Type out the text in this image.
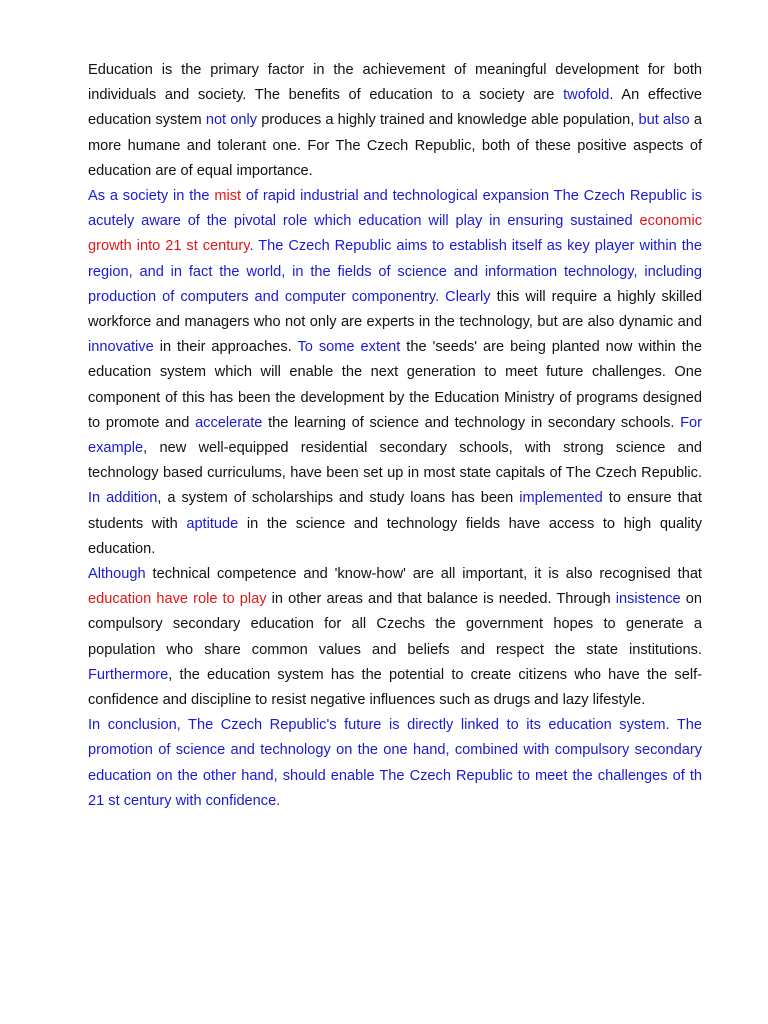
Education is the primary factor in the achievement of meaningful development for both individuals and society. The benefits of education to a society are twofold. An effective education system not only produces a highly trained and knowledge able population, but also a more humane and tolerant one. For The Czech Republic, both of these positive aspects of education are of equal importance.

As a society in the mist of rapid industrial and technological expansion The Czech Republic is acutely aware of the pivotal role which education will play in ensuring sustained economic growth into 21 st century. The Czech Republic aims to establish itself as key player within the region, and in fact the world, in the fields of science and information technology, including production of computers and computer componentry. Clearly this will require a highly skilled workforce and managers who not only are experts in the technology, but are also dynamic and innovative in their approaches. To some extent the 'seeds' are being planted now within the education system which will enable the next generation to meet future challenges. One component of this has been the development by the Education Ministry of programs designed to promote and accelerate the learning of science and technology in secondary schools. For example, new well-equipped residential secondary schools, with strong science and technology based curriculums, have been set up in most state capitals of The Czech Republic. In addition, a system of scholarships and study loans has been implemented to ensure that students with aptitude in the science and technology fields have access to high quality education.

Although technical competence and 'know-how' are all important, it is also recognised that education have role to play in other areas and that balance is needed. Through insistence on compulsory secondary education for all Czechs the government hopes to generate a population who share common values and beliefs and respect the state institutions. Furthermore, the education system has the potential to create citizens who have the self-confidence and discipline to resist negative influences such as drugs and lazy lifestyle.

In conclusion, The Czech Republic's future is directly linked to its education system. The promotion of science and technology on the one hand, combined with compulsory secondary education on the other hand, should enable The Czech Republic to meet the challenges of th 21 st century with confidence.
